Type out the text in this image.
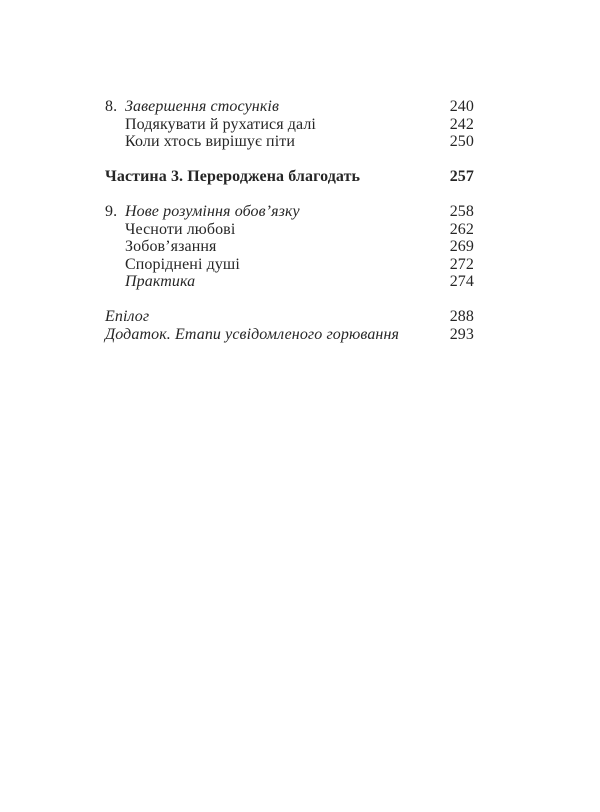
8. Завершення стосунків	240
Подякувати й рухатися далі	242
Коли хтось вирішує піти	250
Частина 3. Перероджена благодать	257
9. Нове розуміння обов’язку	258
Чесноти любові	262
Зобов’язання	269
Споріднені душі	272
Практика	274
Епілог	288
Додаток. Етапи усвідомленого горювання	293
